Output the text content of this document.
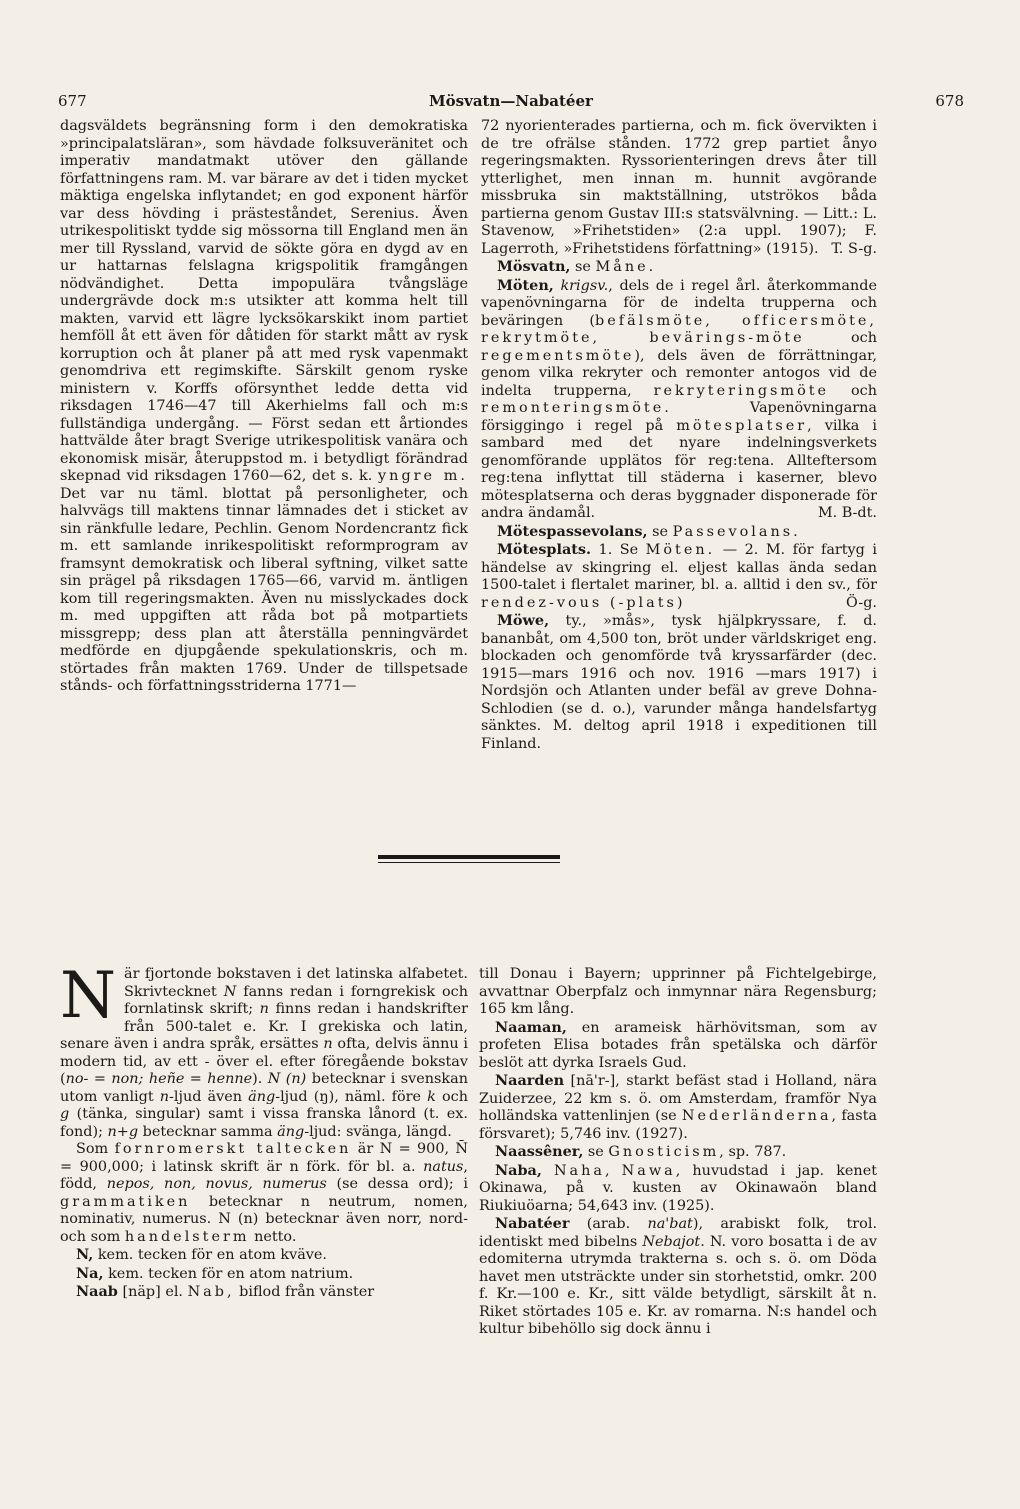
677	Mösvatn—Nabatéer	678

dagsväldets begränsning form i den demokratiska »principalatsläran», som hävdade folksuveränitet och imperativ mandatmakt utöver den gällande författningens ram. M. var bärare av det i tiden mycket mäktiga engelska inflytandet; en god exponent härför var dess hövding i prästeståndet, Serenius. Även utrikespolitiskt tydde sig mössorna till England men än mer till Ryssland, varvid de sökte göra en dygd av en ur hattarnas felslagna krigspolitik framgången nödvändighet. Detta impopulära tvångsläge undergrävde dock m:s utsikter att komma helt till makten, varvid ett lägre lycksökarskikt inom partiet hemföll åt ett även för dåtiden för starkt mått av rysk korruption och åt planer på att med rysk vapenmakt genomdriva ett regimskifte. Särskilt genom ryske ministern v. Korffs oförsynthet ledde detta vid riksdagen 1746—47 till Akerhielms fall och m:s fullständiga undergång. — Först sedan ett årtiondes hattvälde åter bragt Sverige utrikespolitisk vanära och ekonomisk misär, återuppstod m. i betydligt förändrad skepnad vid riksdagen 1760—62, det s. k. yngre m. Det var nu täml. blottat på personligheter, och halvvägs till maktens tinnar lämnades det i sticket av sin ränkfulle ledare, Pechlin. Genom Nordencrantz fick m. ett samlande inrikespolitiskt reformprogram av framsynt demokratisk och liberal syftning, vilket satte sin prägel på riksdagen 1765—66, varvid m. äntligen kom till regeringsmakten. Även nu misslyckades dock m. med uppgiften att råda bot på motpartiets missgrepp; dess plan att återställa penningvärdet medförde en djupgående spekulationskris, och m. störtades från makten 1769. Under de tillspetsade stånds- och författningsstriderna 1771—

72 nyorienterades partierna, och m. fick övervikten i de tre ofrälse stånden. 1772 grep partiet ånyo regeringsmakten. Ryssorienteringen drevs åter till ytterlighet, men innan m. hunnit avgörande missbruka sin maktställning, utströkos båda partierna genom Gustav III:s statsvälvning. — Litt.: L. Stavenow, »Frihetstiden» (2:a uppl. 1907); F. Lagerroth, »Frihetstidens författning» (1915). T. S-g.

Mösvatn, se Måne.

Möten, krigsv., dels de i regel årl. återkommande vapenövningarna för de indelta trupperna och beväringen (befälsmöte, officersmöte, rekrytmöte, bevärings-möte och regementsmöte), dels även de förrättningar, genom vilka rekryter och remonter antogos vid de indelta trupperna, rekryteringsmöte och remonteringsmöte. Vapenövningarna försiggingo i regel på mötesplatser, vilka i sambard med det nyare indelningsverkets genomförande upplätos för reg:tena. Allteftersom reg:tena inflyttat till städerna i kaserner, blevo mötesplatserna och deras byggnader disponerade för andra ändamål.	M. B-dt.

Mötespassevolans, se Passevolans.

Mötesplats. 1. Se Möten. — 2. M. för fartyg i händelse av skingring el. eljest kallas ända sedan 1500-talet i flertalet mariner, bl. a. alltid i den sv., för rendez-vous (-plats)	Ö-g.

Möwe, ty., »mås», tysk hjälpkryssare, f. d. bananbåt, om 4,500 ton, bröt under världskriget eng. blockaden och genomförde två kryssarfärder (dec. 1915—mars 1916 och nov. 1916 —mars 1917) i Nordsjön och Atlanten under befäl av greve Dohna-Schlodien (se d. o.), varunder många handelsfartyg sänktes. M. deltog april 1918 i expeditionen till Finland.

När fjortonde bokstaven i det latinska alfabetet. Skrivtecknet N fanns redan i forngrekisk och fornlatinsk skrift; n finns redan i handskrifter från 500-talet e. Kr. I grekiska och latin, senare även i andra språk, ersättes n ofta, delvis ännu i modern tid, av ett - över el. efter föregående bokstav (no- = non; heñe = henne). N (n) betecknar i svenskan utom vanligt n-ljud även äng-ljud (ŋ), näml. före k och g (tänka, singular) samt i vissa franska lånord (t. ex. fond); n+g betecknar samma äng-ljud: svänga, längd.

Som fornromerskt taltecken är N = 900, N̄ = 900,000; i latinsk skrift är n förk. för bl. a. natus, född, nepos, non, novus, numerus (se dessa ord); i grammatiken betecknar n neutrum, nomen, nominativ, numerus. N (n) betecknar även norr, nord- och som handelsterm netto.

N, kem. tecken för en atom kväve.

Na, kem. tecken för en atom natrium.

Naab [näp] el. Nab, biflod från vänster

till Donau i Bayern; upprinner på Fichtelgebirge, avvattnar Oberpfalz och inmynnar nära Regensburg; 165 km lång.

Naaman, en arameisk härhövitsman, som av profeten Elisa botades från spetälska och därför beslöt att dyrka Israels Gud.

Naarden [nā'r-], starkt befäst stad i Holland, nära Zuiderzee, 22 km s. ö. om Amsterdam, framför Nya holländska vattenlinjen (se Nederländerna, fasta försvaret); 5,746 inv. (1927).

Naassêner, se Gnosticism, sp. 787.

Naba, Naha, Nawa, huvudstad i jap. kenet Okinawa, på v. kusten av Okinawaön bland Riukiuöarna; 54,643 inv. (1925).

Nabatéer (arab. na'bat), arabiskt folk, trol. identiskt med bibelns Nebajot. N. voro bosatta i de av edomiterna utrymda trakterna s. och s. ö. om Döda havet men utsträckte under sin storhetstid, omkr. 200 f. Kr.—100 e. Kr., sitt välde betydligt, särskilt åt n. Riket störtades 105 e. Kr. av romarna. N:s handel och kultur bibehöllo sig dock ännu i
